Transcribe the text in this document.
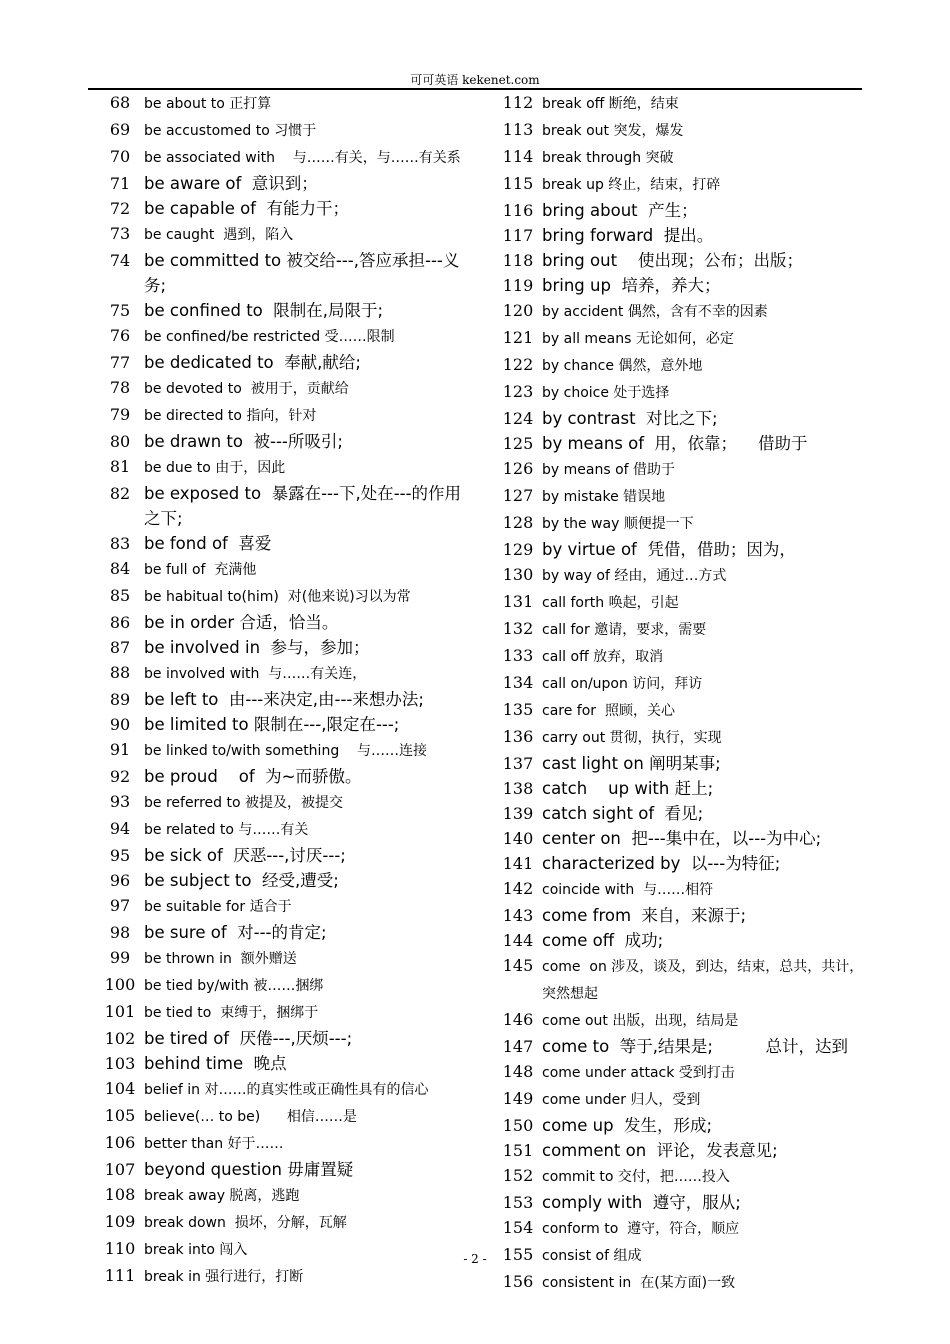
可可英语 kekenet.com
68 be about to 正打算
69 be accustomed to 习惯于
70 be associated with    与……有关，与……有关系
71 be aware of  意识到；
72 be capable of  有能力干；
73 be caught  遇到，陷入
74 be committed to 被交给---,答应承担---义务;
75 be confined to  限制在,局限于;
76 be confined/be restricted 受……限制
77 be dedicated to  奉献,献给;
78 be devoted to  被用于，贡献给
79 be directed to 指向，针对
80 be drawn to  被---所吸引;
81 be due to 由于，因此
82 be exposed to  暴露在---下,处在---的作用之下;
83 be fond of  喜爱
84 be full of  充满他
85 be habitual to(him)  对(他来说)习以为常
86 be in order 合适，恰当。
87 be involved in  参与，参加；
88 be involved with  与……有关连，
89 be left to  由---来决定,由---来想办法;
90 be limited to 限制在---,限定在---;
91 be linked to/with something    与……连接
92 be proud    of  为~而骄傲。
93 be referred to 被提及，被提交
94 be related to 与……有关
95 be sick of  厌恶---,讨厌---;
96 be subject to  经受,遭受;
97 be suitable for 适合于
98 be sure of  对---的肯定;
99 be thrown in  额外赠送
100 be tied by/with 被……捆绑
101 be tied to  束缚于，捆绑于
102 be tired of  厌倦---,厌烦---;
103 behind time  晚点
104 belief in 对……的真实性或正确性具有的信心
105 believe(… to be)      相信……是
106 better than 好于……
107 beyond question 毋庸置疑
108 break away 脱离，逃跑
109 break down  损坏，分解，瓦解
110 break into 闯入
111 break in 强行进行，打断
112 break off 断绝，结束
113 break out 突发，爆发
114 break through 突破
115 break up 终止，结束，打碎
116 bring about  产生；
117 bring forward  提出。
118 bring out    使出现；公布；出版；
119 bring up  培养，养大；
120 by accident 偶然，含有不幸的因素
121 by all means 无论如何，必定
122 by chance 偶然，意外地
123 by choice 处于选择
124 by contrast  对比之下;
125 by means of  用，依靠；    借助于
126 by means of 借助于
127 by mistake 错误地
128 by the way 顺便提一下
129 by virtue of  凭借，借助；因为，
130 by way of 经由，通过…方式
131 call forth 唤起，引起
132 call for 邀请，要求，需要
133 call off 放弃，取消
134 call on/upon 访问，拜访
135 care for  照顾，关心
136 carry out 贯彻，执行，实现
137 cast light on 阐明某事;
138 catch    up with 赶上;
139 catch sight of  看见;
140 center on  把---集中在，以---为中心;
141 characterized by  以---为特征;
142 coincide with  与……相符
143 come from  来自，来源于;
144 come off  成功;
145 come  on 涉及，谈及，到达，结束，总共，共计，突然想起
146 come out 出版，出现，结局是
147 come to  等于,结果是;          总计，达到
148 come under attack 受到打击
149 come under 归人，受到
150 come up  发生，形成;
151 comment on  评论，发表意见;
152 commit to 交付，把……投入
153 comply with  遵守，服从;
154 conform to  遵守，符合，顺应
155 consist of 组成
156 consistent in  在(某方面)一致
- 2 -
